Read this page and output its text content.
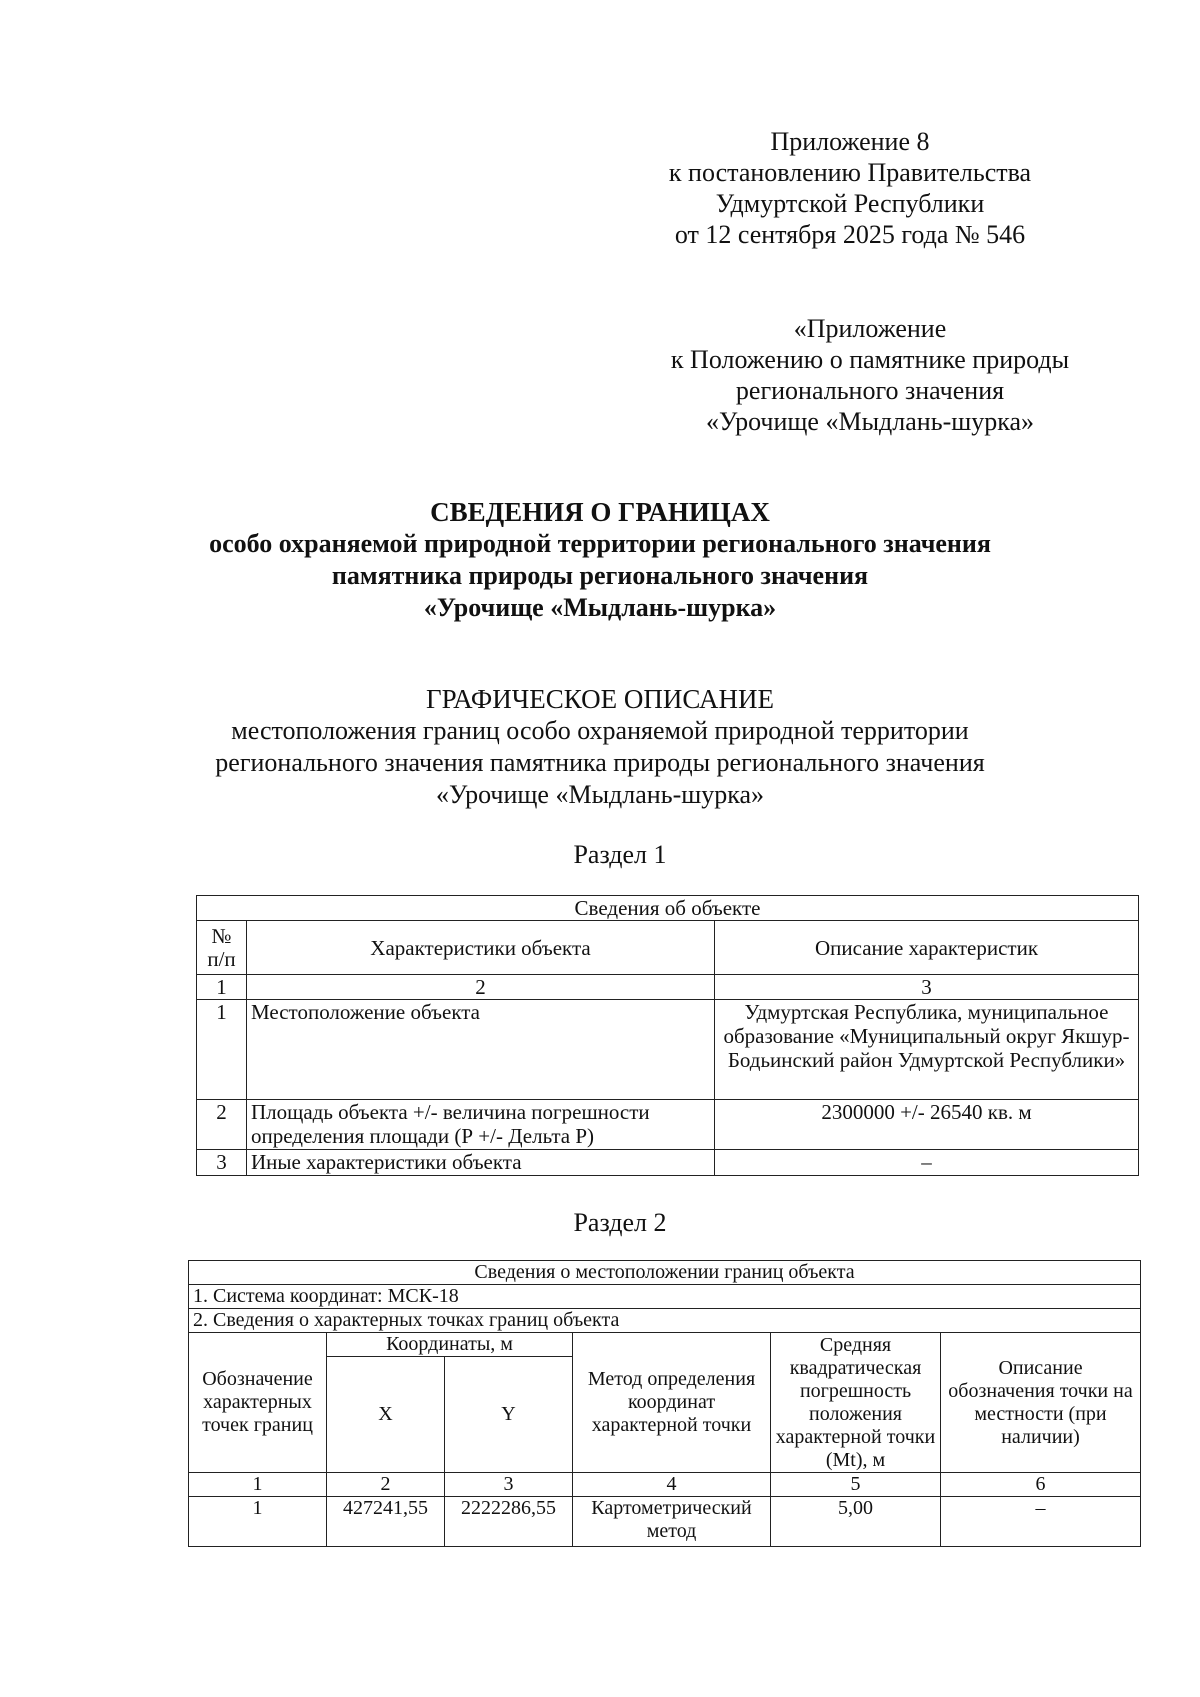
Приложение 8
к постановлению Правительства
Удмуртской Республики
от 12 сентября 2025 года № 546
«Приложение
к Положению о памятнике природы
регионального значения
«Урочище «Мыдлань-шурка»
СВЕДЕНИЯ О ГРАНИЦАХ
особо охраняемой природной территории регионального значения
памятника природы регионального значения
«Урочище «Мыдлань-шурка»
ГРАФИЧЕСКОЕ ОПИСАНИЕ
местоположения границ особо охраняемой природной территории
регионального значения памятника природы регионального значения
«Урочище «Мыдлань-шурка»
Раздел 1
Сведения об объекте		
№ п/п	Характеристики объекта	Описание характеристик
1	2	3
1	Местоположение объекта	Удмуртская Республика, муниципальное образование «Муниципальный округ Якшур-Бодьинский район Удмуртской Республики»
2	Площадь объекта +/- величина погрешности определения площади (Р +/- Дельта Р)	2300000 +/- 26540 кв. м
3	Иные характеристики объекта	–
Раздел 2
Сведения о местоположении границ объекта					
1. Система координат: МСК-18					
2. Сведения о характерных точках границ объекта					
Обозначение характерных точек границ	Координаты, м		Метод определения координат характерной точки	Средняя квадратическая погрешность положения характерной точки (Mt), м	Описание обозначения точки на местности (при наличии)
	X	Y			
1	2	3	4	5	6
1	427241,55	2222286,55	Картометрический метод	5,00	–
